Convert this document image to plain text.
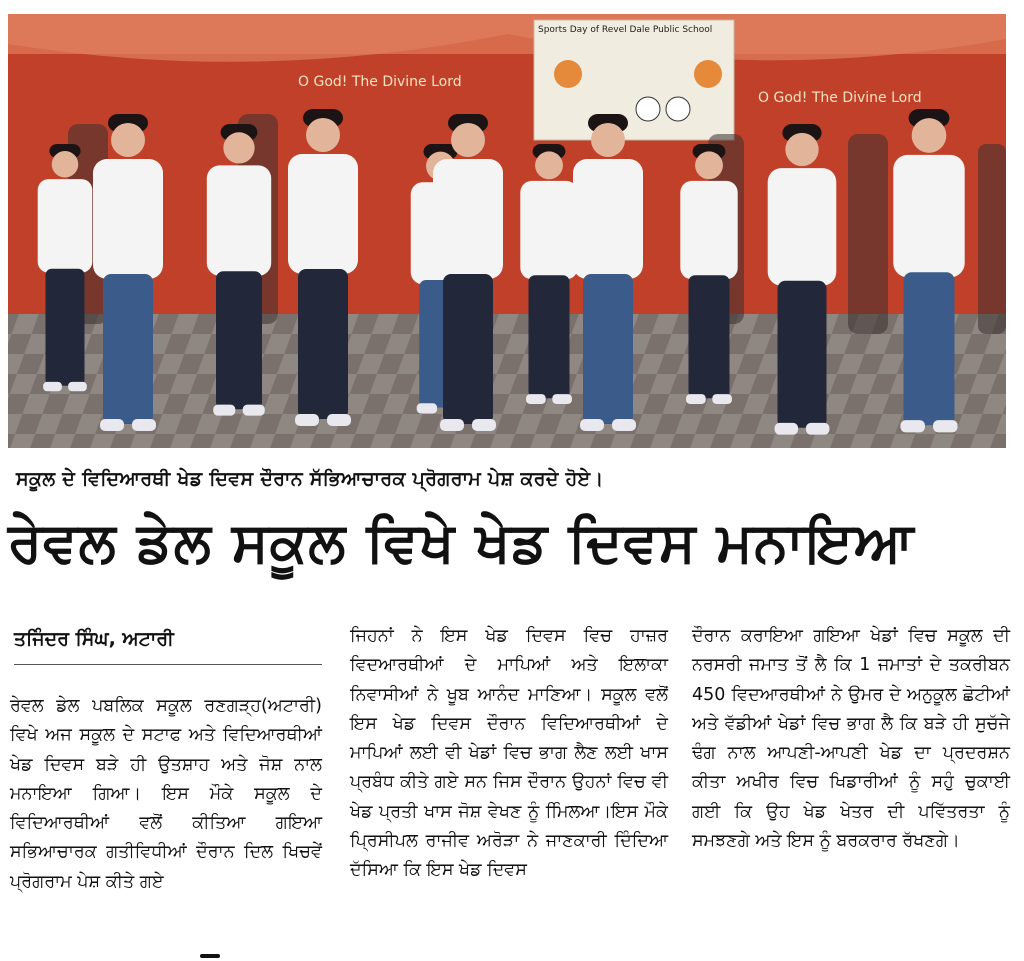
Sports Day of Revel Dale Public School
O God! The Divine Lord
O God! The Divine Lord
ਸਕੂਲ ਦੇ ਵਿਦਿਆਰਥੀ ਖੇਡ ਦਿਵਸ ਦੌਰਾਨ ਸੱਭਿਆਚਾਰਕ ਪ੍ਰੋਗਰਾਮ ਪੇਸ਼ ਕਰਦੇ ਹੋਏ।
ਰੇਵਲ ਡੇਲ ਸਕੂਲ ਵਿਖੇ ਖੇਡ ਦਿਵਸ ਮਨਾਇਆ
ਤਜਿੰਦਰ ਸਿੰਘ, ਅਟਾਰੀ

ਰੇਵਲ ਡੇਲ ਪਬਲਿਕ ਸਕੂਲ ਰਣਗੜ੍ਹ(ਅਟਾਰੀ) ਵਿਖੇ ਅਜ ਸਕੂਲ ਦੇ ਸਟਾਫ ਅਤੇ ਵਿਦਿਆਰਥੀਆਂ ਖੇਡ ਦਿਵਸ ਬੜੇ ਹੀ ਉਤਸ਼ਾਹ ਅਤੇ ਜੋਸ਼ ਨਾਲ ਮਨਾਇਆ ਗਿਆ। ਇਸ ਮੌਕੇ ਸਕੂਲ ਦੇ ਵਿਦਿਆਰਥੀਆਂ ਵਲੋਂ ਕੀਤਿਆ ਗਇਆ ਸਭਿਆਚਾਰਕ ਗਤੀਵਿਧੀਆਂ ਦੌਰਾਨ ਦਿਲ ਖਿਚਵੇਂ ਪ੍ਰੋਗਰਾਮ ਪੇਸ਼ ਕੀਤੇ ਗਏ

ਜਿਹਨਾਂ ਨੇ ਇਸ ਖੇਡ ਦਿਵਸ ਵਿਚ ਹਾਜ਼ਰ ਵਿਦਆਰਥੀਆਂ ਦੇ ਮਾਪਿਆਂ ਅਤੇ ਇਲਾਕਾ ਨਿਵਾਸੀਆਂ ਨੇ ਖੂਬ ਆਨੰਦ ਮਾਣਿਆ। ਸਕੂਲ ਵਲੋਂ ਇਸ ਖੇਡ ਦਿਵਸ ਦੌਰਾਨ ਵਿਦਿਆਰਥੀਆਂ ਦੇ ਮਾਪਿਆਂ ਲਈ ਵੀ ਖੇਡਾਂ ਵਿਚ ਭਾਗ ਲੈਣ ਲਈ ਖਾਸ ਪ੍ਰਬੰਧ ਕੀਤੇ ਗਏ ਸਨ ਜਿਸ ਦੌਰਾਨ ਉਹਨਾਂ ਵਿਚ ਵੀ ਖੇਡ ਪ੍ਰਤੀ ਖਾਸ ਜੋਸ਼ ਵੇਖਣ ਨੂੰ ਮਿਿਲਆ।ਇਸ ਮੌਕੇ ਪ੍ਰਿਸੀਪਲ ਰਾਜੀਵ ਅਰੋੜਾ ਨੇ ਜਾਣਕਾਰੀ ਦਿੰਦਿਆ ਦੱਸਿਆ ਕਿ ਇਸ ਖੇਡ ਦਿਵਸ

ਦੌਰਾਨ ਕਰਾਇਆ ਗਇਆ ਖੇਡਾਂ ਵਿਚ ਸਕੂਲ ਦੀ ਨਰਸਰੀ ਜਮਾਤ ਤੋਂ ਲੈ ਕਿ 1 ਜਮਾਤਾਂ ਦੇ ਤਕਰੀਬਨ 450 ਵਿਦਆਰਥੀਆਂ ਨੇ ਉਮਰ ਦੇ ਅਨੁਕੂਲ ਛੋਟੀਆਂ ਅਤੇ ਵੱਡੀਆਂ ਖੇਡਾਂ ਵਿਚ ਭਾਗ ਲੈ ਕਿ ਬੜੇ ਹੀ ਸੁਚੱਜੇ ਢੰਗ ਨਾਲ ਆਪਣੀ-ਆਪਣੀ ਖੇਡ ਦਾ ਪ੍ਰਦਰਸ਼ਨ ਕੀਤਾ ਅਖੀਰ ਵਿਚ ਖਿਡਾਰੀਆਂ ਨੂੰ ਸਹੁੰ ਚੁਕਾਈ ਗਈ ਕਿ ਉਹ ਖੇਡ ਖੇਤਰ ਦੀ ਪਵਿੱਤਰਤਾ ਨੂੰ ਸਮਝਣਗੇ ਅਤੇ ਇਸ ਨੂੰ ਬਰਕਰਾਰ ਰੱਖਣਗੇ।
